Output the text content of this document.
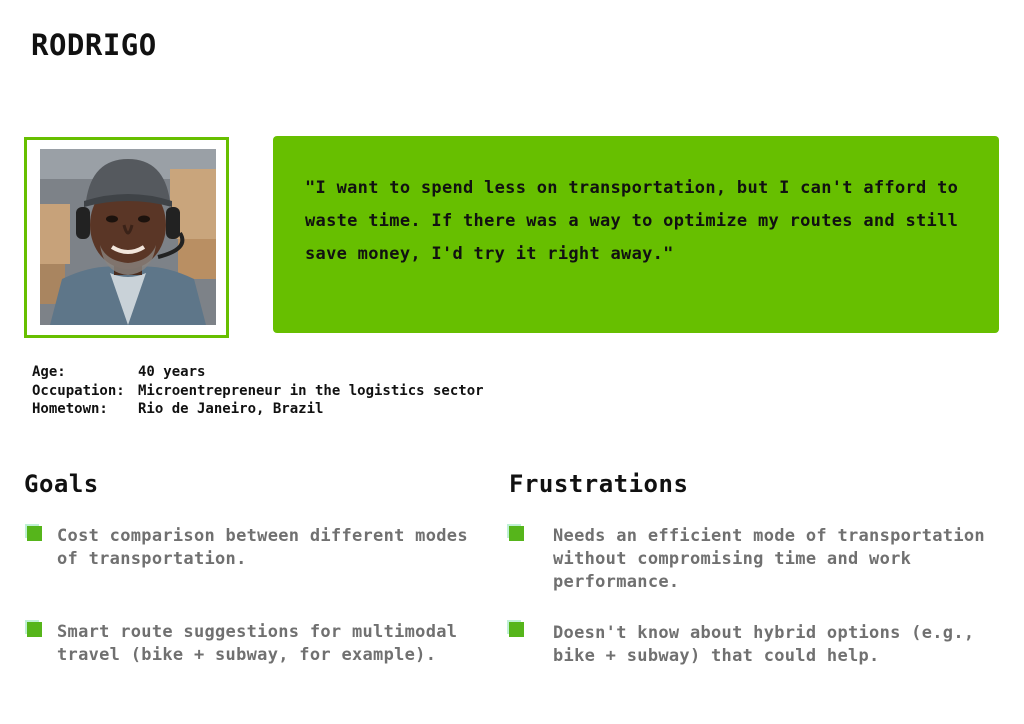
RODRIGO
"I want to spend less on transportation, but I can't afford to waste time. If there was a way to optimize my routes and still save money, I'd try it right away."
Age:	40 years
Occupation: Microentrepreneur in the logistics sector
Hometown:	Rio de Janeiro, Brazil
Goals	Frustrations
Cost comparison between different modes of transportation.
Smart route suggestions for multimodal travel (bike + subway, for example).
Needs an efficient mode of transportation without compromising time and work performance.
Doesn't know about hybrid options (e.g., bike + subway) that could help.
